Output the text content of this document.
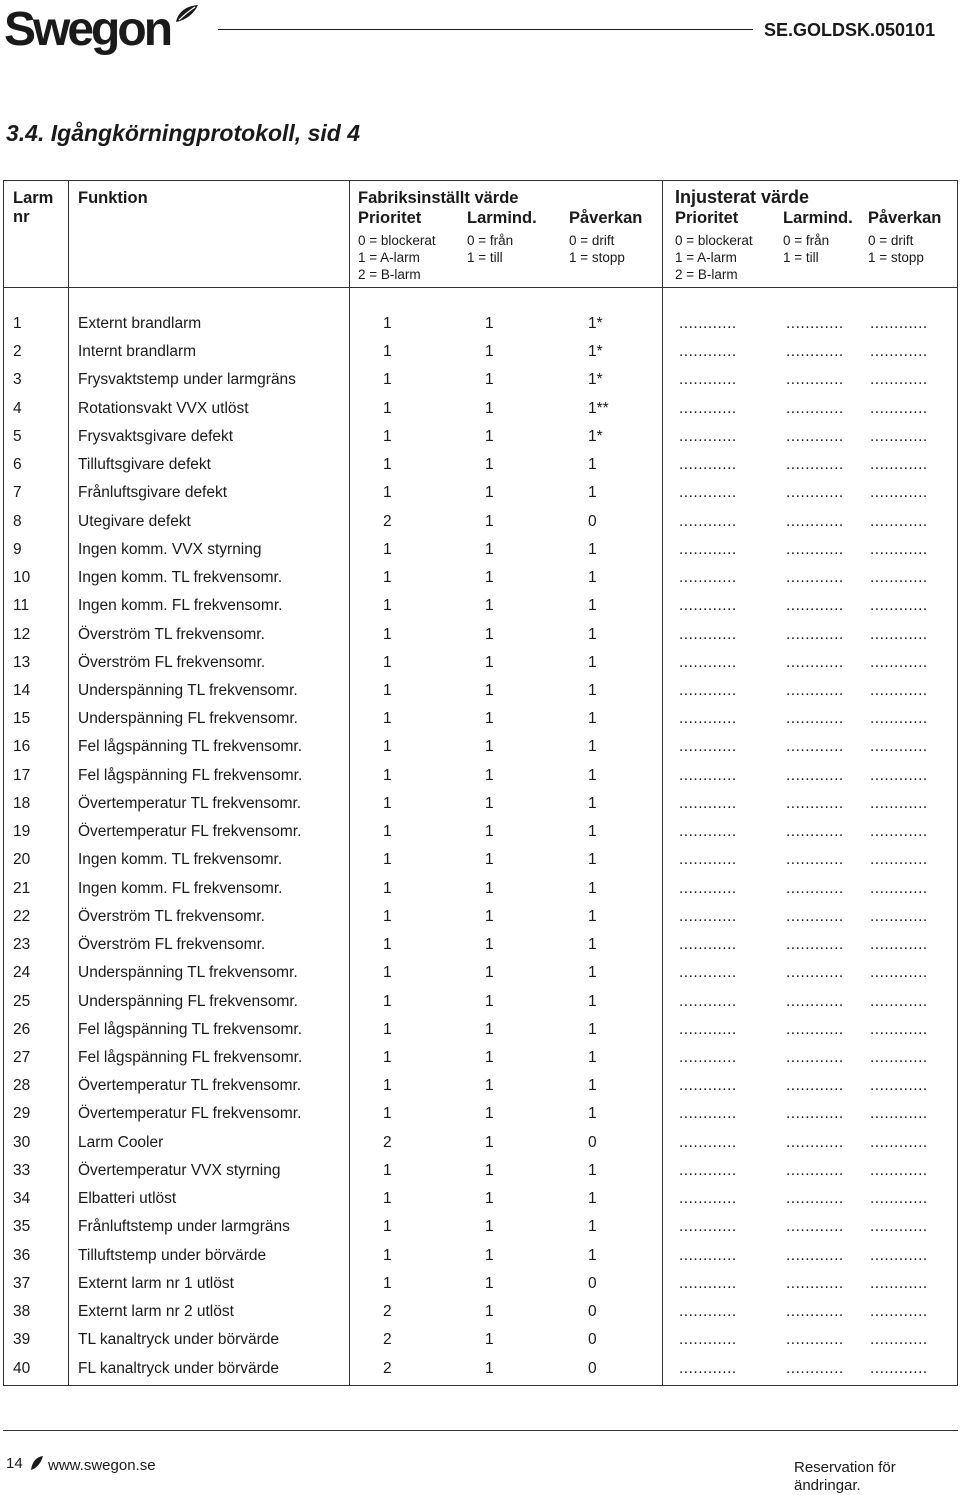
Swegon	SE.GOLDSK.050101
3.4. Igångkörningprotokoll, sid 4
Larm
nr
Funktion	Fabriksinställt värde
Prioritet	Larmind. Påverkan
0 = blockerat
1 = A-larm
2 = B-larm
0 = från
1 = till
0 = drift
1 = stopp
Injusterat värde
Prioritet	Larmind. Påverkan
0 = blockerat
1 = A-larm
2 = B-larm
0 = från
1 = till
0 = drift
1 = stopp
1	Externt brandlarm	1	1	1*	............	............ ............
2	Internt brandlarm	1	1	1*	............	............ ............
3	Frysvaktstemp under larmgräns	1	1	1*	............	............ ............
4	Rotationsvakt VVX utlöst	1	1	1**	............	............ ............
5	Frysvaktsgivare defekt	1	1	1*	............	............ ............
6	Tilluftsgivare defekt	1	1	1	............	............ ............
7	Frånluftsgivare defekt	1	1	1	............	............ ............
8	Utegivare defekt	2	1	0	............	............ ............
9	Ingen komm. VVX styrning	1	1	1	............	............ ............
10	Ingen komm. TL frekvensomr.	1	1	1	............	............ ............
11	Ingen komm. FL frekvensomr.	1	1	1	............	............ ............
12	Överström TL frekvensomr.	1	1	1	............	............ ............
13	Överström FL frekvensomr.	1	1	1	............	............ ............
14	Underspänning TL frekvensomr.	1	1	1	............	............ ............
15	Underspänning FL frekvensomr.	1	1	1	............	............ ............
16	Fel lågspänning TL frekvensomr.	1	1	1	............	............ ............
17	Fel lågspänning FL frekvensomr.	1	1	1	............	............ ............
18	Övertemperatur TL frekvensomr.	1	1	1	............	............ ............
19	Övertemperatur FL frekvensomr.	1	1	1	............	............ ............
20	Ingen komm. TL frekvensomr.	1	1	1	............	............ ............
21	Ingen komm. FL frekvensomr.	1	1	1	............	............ ............
22	Överström TL frekvensomr.	1	1	1	............	............ ............
23	Överström FL frekvensomr.	1	1	1	............	............ ............
24	Underspänning TL frekvensomr.	1	1	1	............	............ ............
25	Underspänning FL frekvensomr.	1	1	1	............	............ ............
26	Fel lågspänning TL frekvensomr.	1	1	1	............	............ ............
27	Fel lågspänning FL frekvensomr.	1	1	1	............	............ ............
28	Övertemperatur TL frekvensomr.	1	1	1	............	............ ............
29	Övertemperatur FL frekvensomr.	1	1	1	............	............ ............
30	Larm Cooler	2	1	0	............	............ ............
33	Övertemperatur VVX styrning	1	1	1	............	............ ............
34	Elbatteri utlöst	1	1	1	............	............ ............
35	Frånluftstemp under larmgräns	1	1	1	............	............ ............
36	Tilluftstemp under börvärde	1	1	1	............	............ ............
37	Externt larm nr 1 utlöst	1	1	0	............	............ ............
38	Externt larm nr 2 utlöst	2	1	0	............	............ ............
39	TL kanaltryck under börvärde	2	1	0	............	............ ............
40	FL kanaltryck under börvärde	2	1	0	............	............ ............
14 www.swegon.se	Reservation för ändringar.
